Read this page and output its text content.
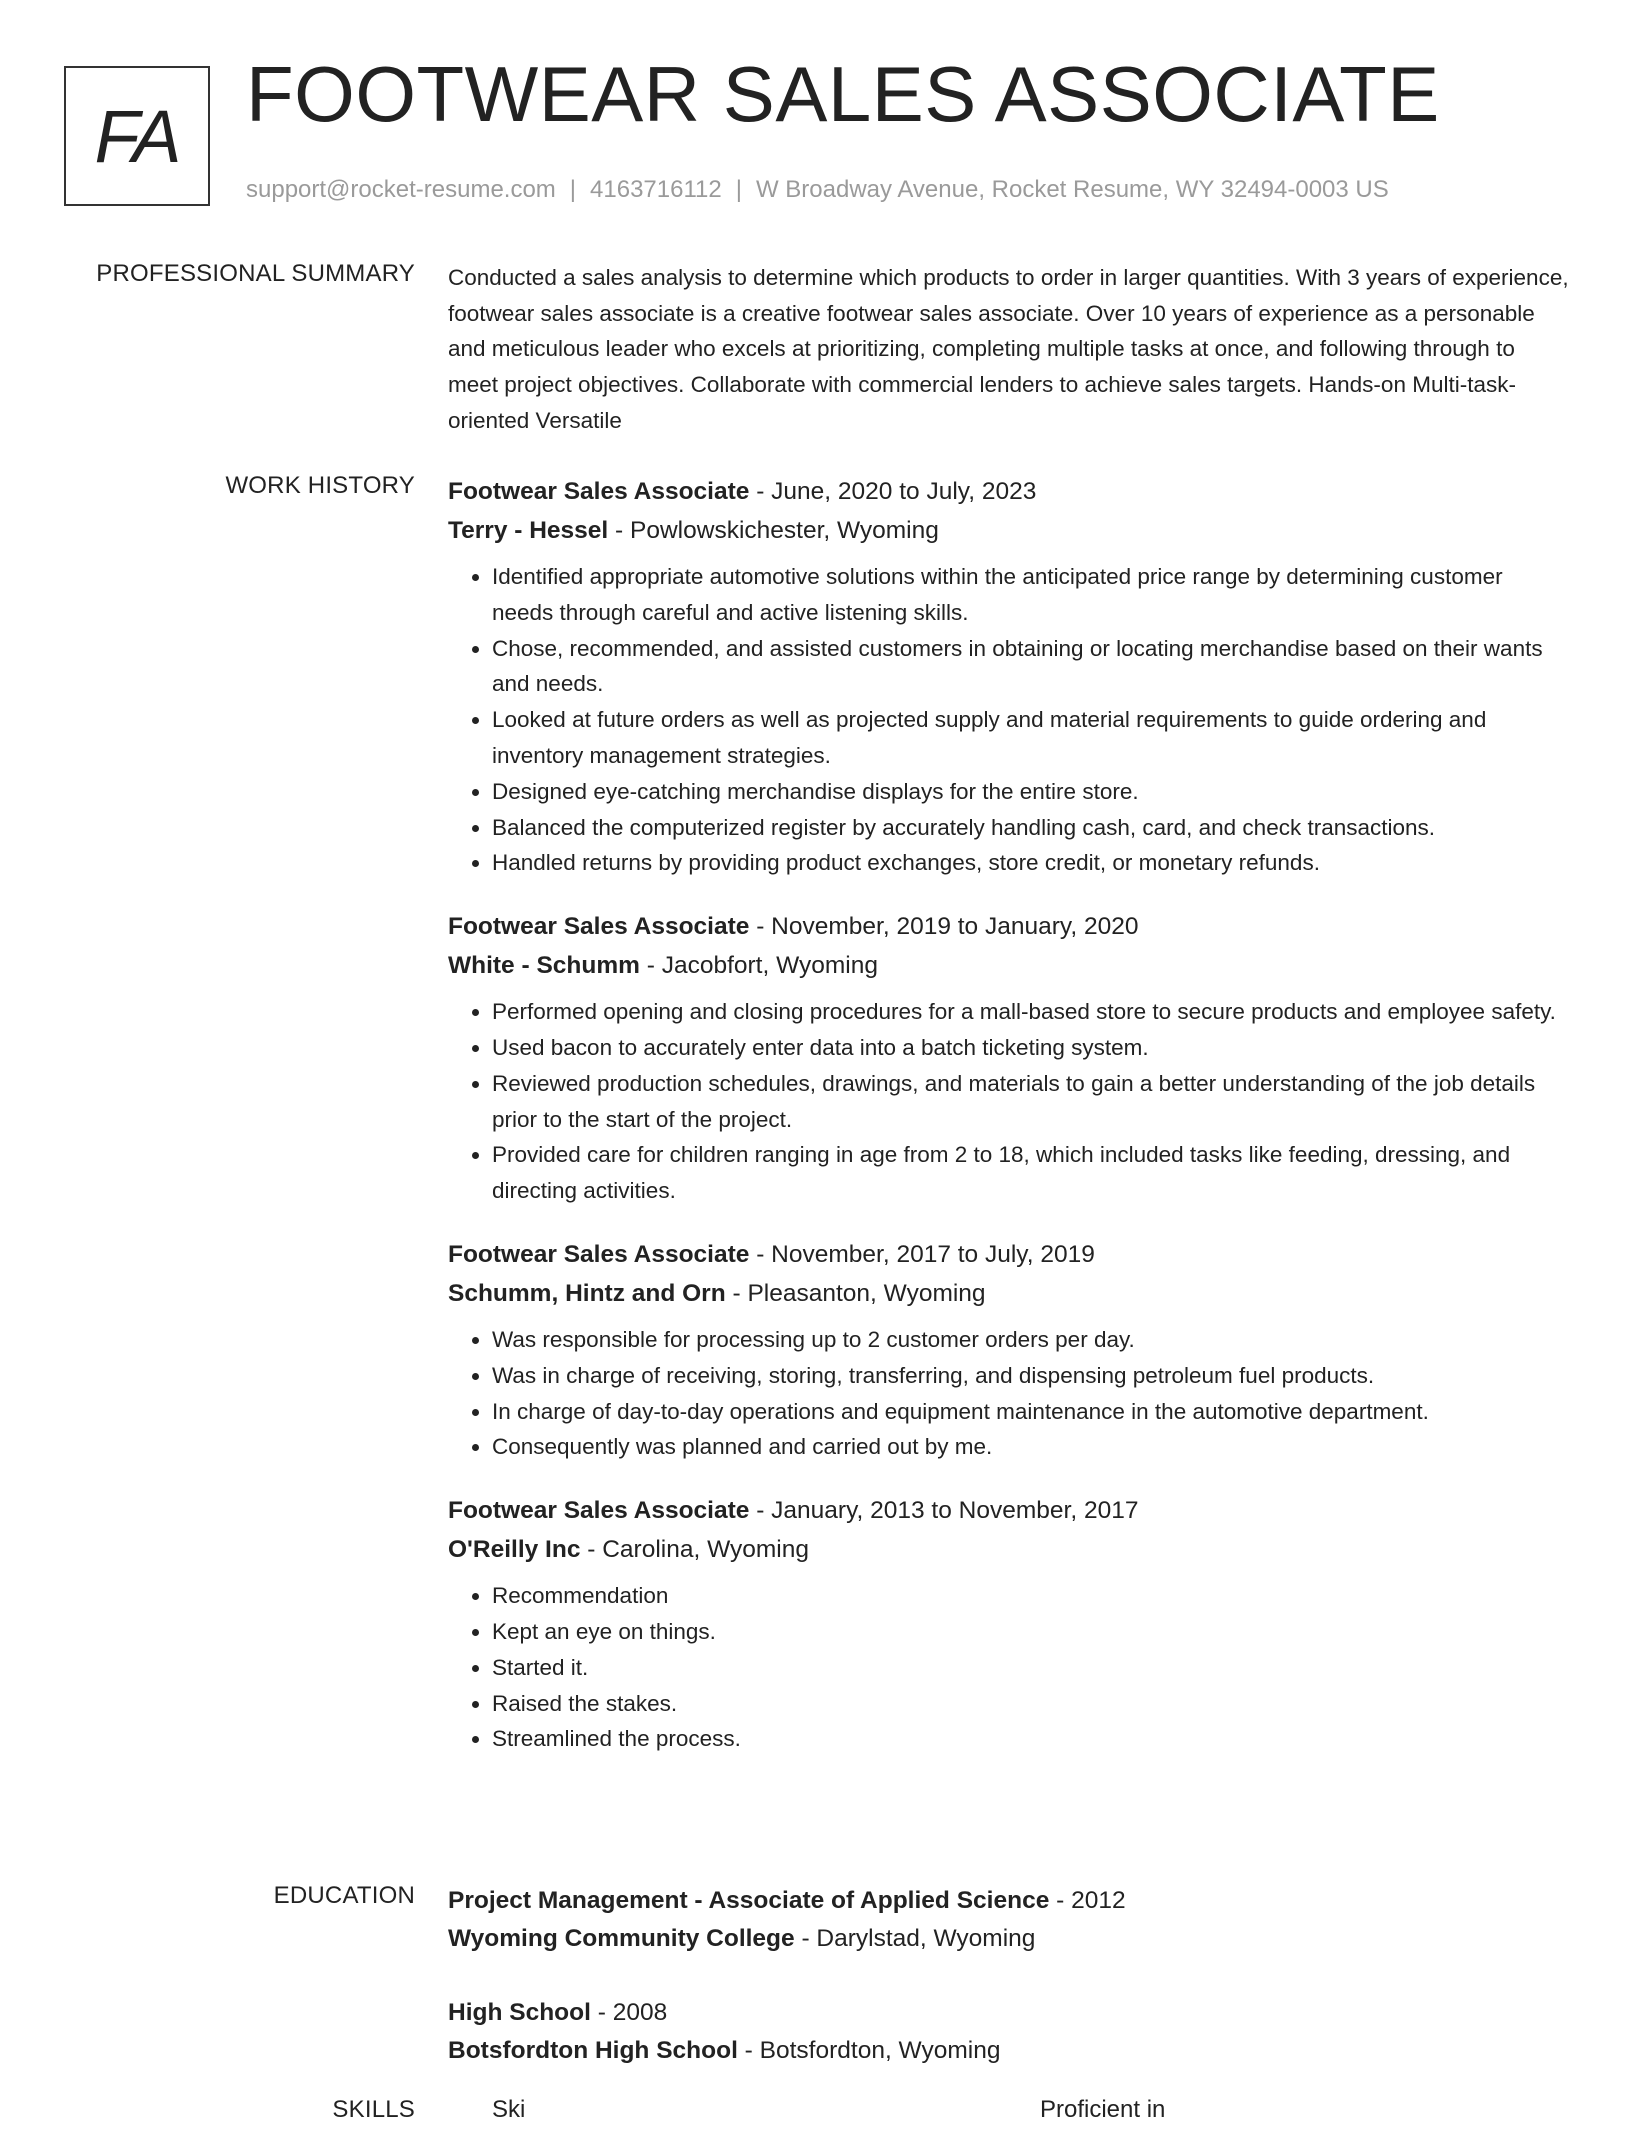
FA FOOTWEAR SALES ASSOCIATE
support@rocket-resume.com | 4163716112 | W Broadway Avenue, Rocket Resume, WY 32494-0003 US
PROFESSIONAL SUMMARY Conducted a sales analysis to determine which products to order in larger quantities. With 3 years of experience, footwear sales associate is a creative footwear sales associate. Over 10 years of experience as a personable and meticulous leader who excels at prioritizing, completing multiple tasks at once, and following through to meet project objectives. Collaborate with commercial lenders to achieve sales targets. Hands-on Multi-task-oriented Versatile

WORK HISTORY Footwear Sales Associate - June, 2020 to July, 2023
Terry - Hessel - Powlowskichester, Wyoming
• Identified appropriate automotive solutions within the anticipated price range by determining customer needs through careful and active listening skills.
• Chose, recommended, and assisted customers in obtaining or locating merchandise based on their wants and needs.
• Looked at future orders as well as projected supply and material requirements to guide ordering and inventory management strategies.
• Designed eye-catching merchandise displays for the entire store.
• Balanced the computerized register by accurately handling cash, card, and check transactions.
• Handled returns by providing product exchanges, store credit, or monetary refunds.
Footwear Sales Associate - November, 2019 to January, 2020
White - Schumm - Jacobfort, Wyoming
• Performed opening and closing procedures for a mall-based store to secure products and employee safety.
• Used bacon to accurately enter data into a batch ticketing system.
• Reviewed production schedules, drawings, and materials to gain a better understanding of the job details prior to the start of the project.
• Provided care for children ranging in age from 2 to 18, which included tasks like feeding, dressing, and directing activities.
Footwear Sales Associate - November, 2017 to July, 2019
Schumm, Hintz and Orn - Pleasanton, Wyoming
• Was responsible for processing up to 2 customer orders per day.
• Was in charge of receiving, storing, transferring, and dispensing petroleum fuel products.
• In charge of day-to-day operations and equipment maintenance in the automotive department.
• Consequently was planned and carried out by me.
Footwear Sales Associate - January, 2013 to November, 2017
O'Reilly Inc - Carolina, Wyoming
• Recommendation
• Kept an eye on things.
• Started it.
• Raised the stakes.
• Streamlined the process.
EDUCATION Project Management - Associate of Applied Science - 2012
Wyoming Community College - Darylstad, Wyoming
High School - 2008
Botsfordton High School - Botsfordton, Wyoming
SKILLS	Ski	Proficient in
